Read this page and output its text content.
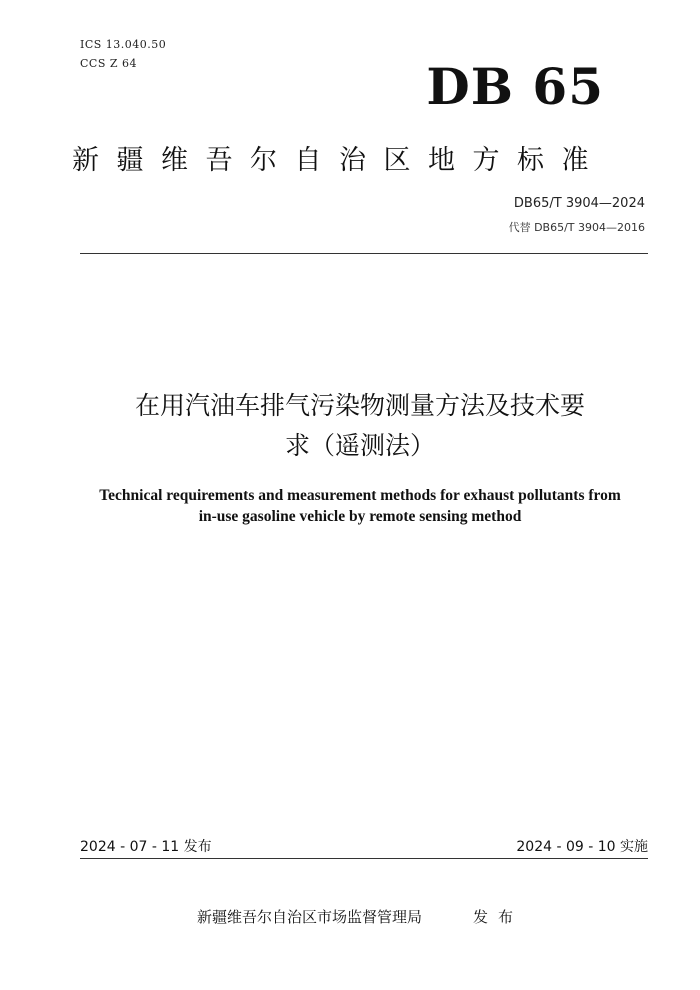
ICS 13.040.50
CCS Z 64	DB 65
新疆维吾尔自治区地方标准
DB65/T 3904—2024
代替 DB65/T 3904—2016
在用汽油车排气污染物测量方法及技术要
求（遥测法）
Technical requirements and measurement methods for exhaust pollutants from
in-use gasoline vehicle by remote sensing method
2024 - 07 - 11 发布	2024 - 09 - 10 实施
新疆维吾尔自治区市场监督管理局	发布
